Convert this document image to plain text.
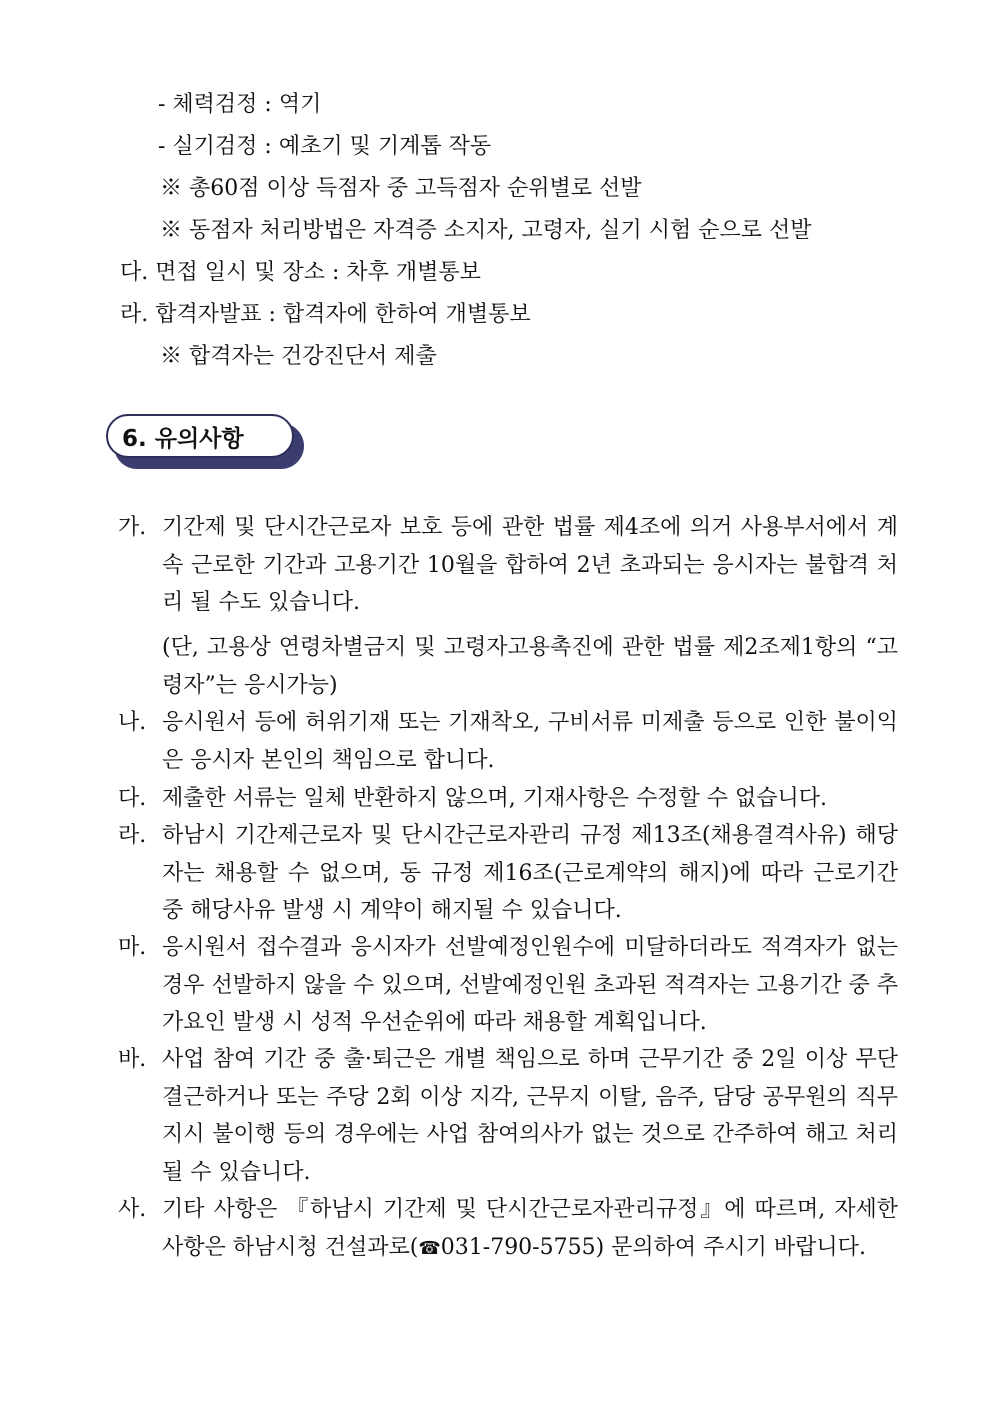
- 체력검정 : 역기
- 실기검정 : 예초기 및 기계톱 작동
※ 총60점 이상 득점자 중 고득점자 순위별로 선발
※ 동점자 처리방법은 자격증 소지자, 고령자, 실기 시험 순으로 선발
다. 면접 일시 및 장소 : 차후 개별통보
라. 합격자발표 : 합격자에 한하여 개별통보
※ 합격자는 건강진단서 제출
6. 유의사항
가. 기간제 및 단시간근로자 보호 등에 관한 법률 제4조에 의거 사용부서에서 계속 근로한 기간과 고용기간 10월을 합하여 2년 초과되는 응시자는 불합격 처리 될 수도 있습니다.
(단, 고용상 연령차별금지 및 고령자고용촉진에 관한 법률 제2조제1항의 “고령자”는 응시가능)
나. 응시원서 등에 허위기재 또는 기재착오, 구비서류 미제출 등으로 인한 불이익은 응시자 본인의 책임으로 합니다.
다. 제출한 서류는 일체 반환하지 않으며, 기재사항은 수정할 수 없습니다.
라. 하남시 기간제근로자 및 단시간근로자관리 규정 제13조(채용결격사유) 해당자는 채용할 수 없으며, 동 규정 제16조(근로계약의 해지)에 따라 근로기간 중 해당사유 발생 시 계약이 해지될 수 있습니다.
마. 응시원서 접수결과 응시자가 선발예정인원수에 미달하더라도 적격자가 없는 경우 선발하지 않을 수 있으며, 선발예정인원 초과된 적격자는 고용기간 중 추가요인 발생 시 성적 우선순위에 따라 채용할 계획입니다.
바. 사업 참여 기간 중 출·퇴근은 개별 책임으로 하며 근무기간 중 2일 이상 무단결근하거나 또는 주당 2회 이상 지각, 근무지 이탈, 음주, 담당 공무원의 직무지시 불이행 등의 경우에는 사업 참여의사가 없는 것으로 간주하여 해고 처리될 수 있습니다.
사. 기타 사항은 『하남시 기간제 및 단시간근로자관리규정』에 따르며, 자세한 사항은 하남시청 건설과로(☎031-790-5755) 문의하여 주시기 바랍니다.
